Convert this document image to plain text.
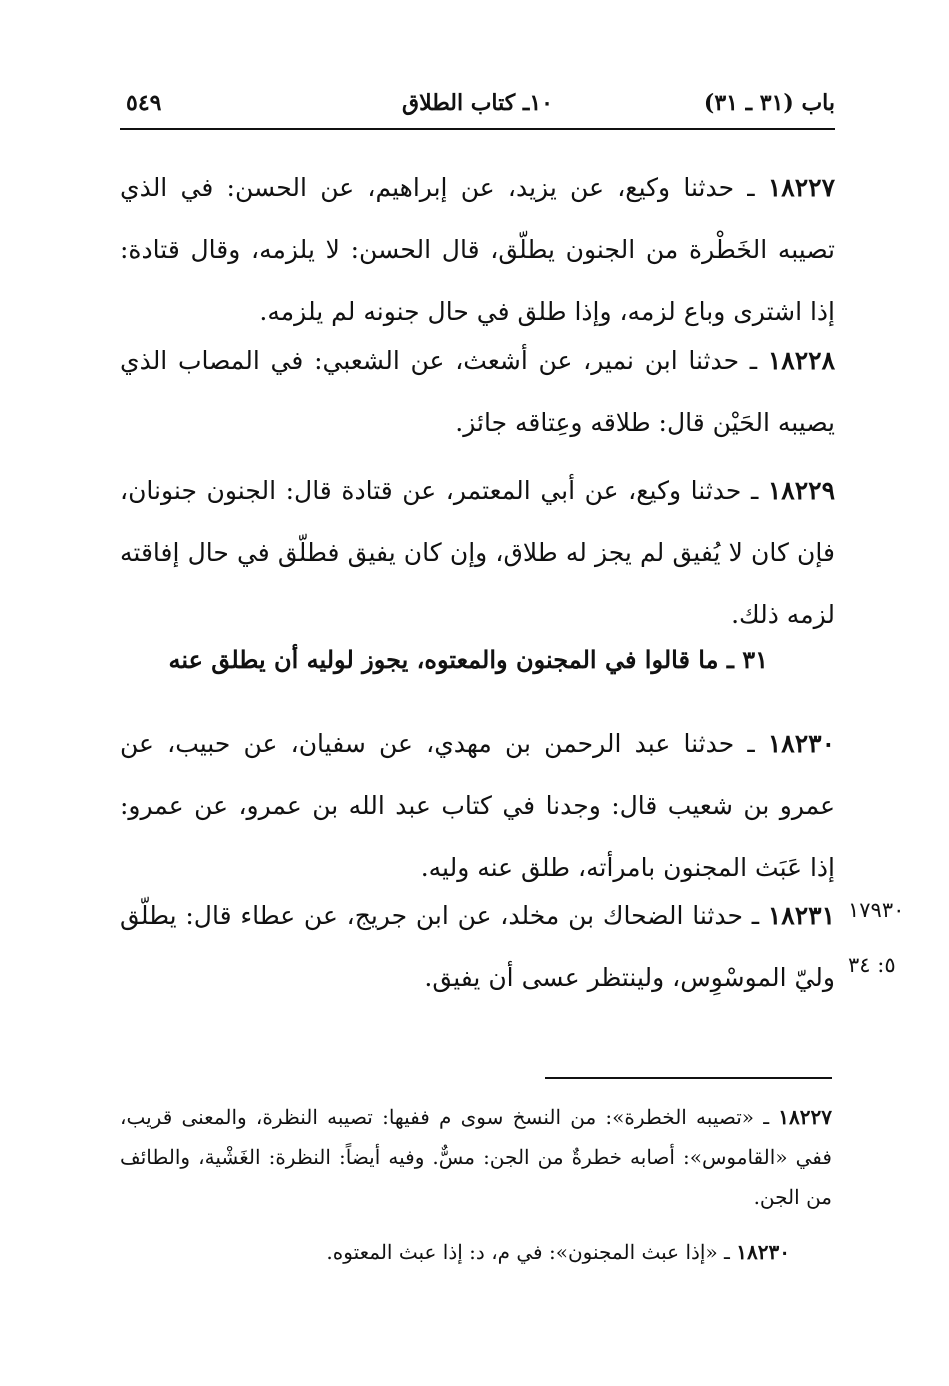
باب (٣١ ـ ٣١)
١٠ـ كتاب الطلاق
٥٤٩
١٨٢٢٧ ـ حدثنا وكيع، عن يزيد، عن إبراهيم، عن الحسن: في الذي تصيبه الخَطْرة من الجنون يطلّق، قال الحسن: لا يلزمه، وقال قتادة: إذا اشترى وباع لزمه، وإذا طلق في حال جنونه لم يلزمه.
١٨٢٢٨ ـ حدثنا ابن نمير، عن أشعث، عن الشعبي: في المصاب الذي يصيبه الحَيْن قال: طلاقه وعِتاقه جائز.
١٨٢٢٩ ـ حدثنا وكيع، عن أبي المعتمر، عن قتادة قال: الجنون جنونان، فإن كان لا يُفيق لم يجز له طلاق، وإن كان يفيق فطلّق في حال إفاقته لزمه ذلك.
٣١ ـ ما قالوا في المجنون والمعتوه، يجوز لوليه أن يطلق عنه
١٨٢٣٠ ـ حدثنا عبد الرحمن بن مهدي، عن سفيان، عن حبيب، عن عمرو بن شعيب قال: وجدنا في كتاب عبد الله بن عمرو، عن عمرو: إذا عَبَث المجنون بامرأته، طلق عنه وليه.
١٨٢٣١ ـ حدثنا الضحاك بن مخلد، عن ابن جريج، عن عطاء قال: يطلّق وليّ الموسْوِس، ولينتظر عسى أن يفيق.
١٧٩٣٠
٥: ٣٤
١٨٢٢٧ ـ «تصيبه الخطرة»: من النسخ سوى م ففيها: تصيبه النظرة، والمعنى قريب، ففي «القاموس»: أصابه خطرةٌ من الجن: مسٌّ. وفيه أيضاً: النظرة: الغَشْية، والطائف من الجن.
١٨٢٣٠ ـ «إذا عبث المجنون»: في م، د: إذا عبث المعتوه.
